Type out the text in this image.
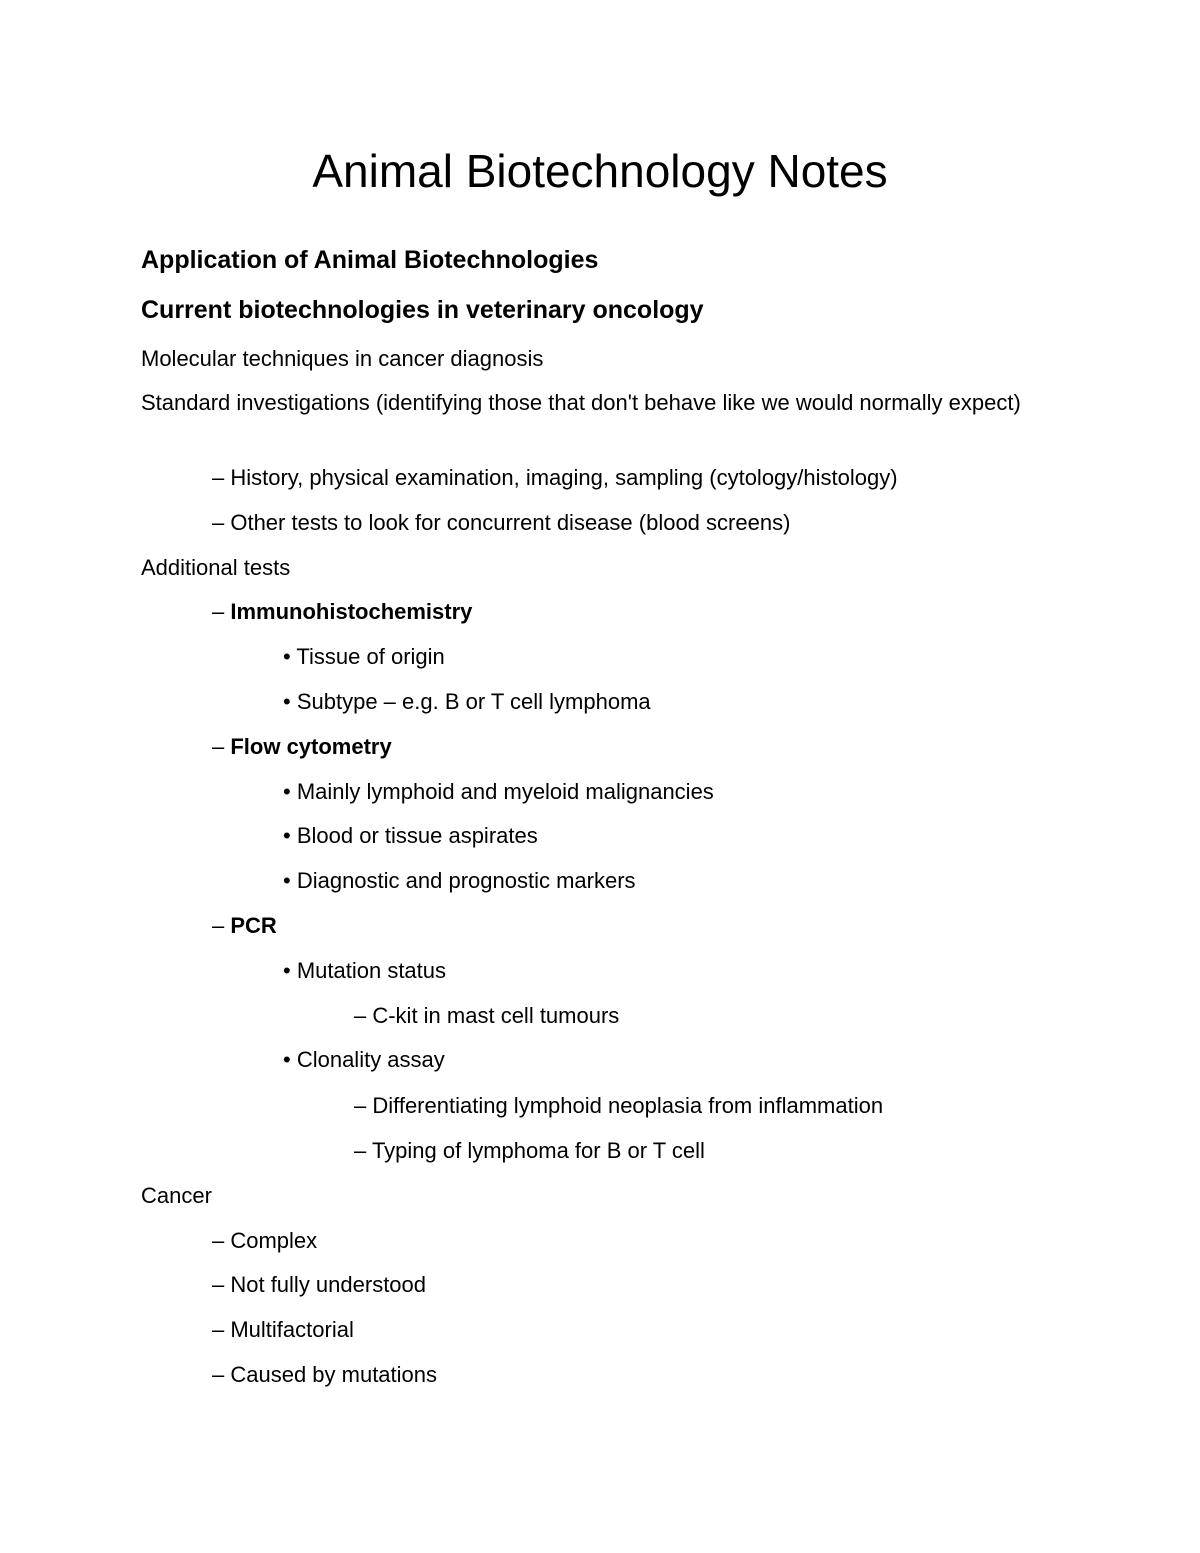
Animal Biotechnology Notes
Application of Animal Biotechnologies
Current biotechnologies in veterinary oncology

Molecular techniques in cancer diagnosis

Standard investigations (identifying those that don't behave like we would normally expect)

– History, physical examination, imaging, sampling (cytology/histology)

– Other tests to look for concurrent disease (blood screens)

Additional tests

– Immunohistochemistry

• Tissue of origin

• Subtype – e.g. B or T cell lymphoma

– Flow cytometry

• Mainly lymphoid and myeloid malignancies

• Blood or tissue aspirates

• Diagnostic and prognostic markers

– PCR

• Mutation status

– C-kit in mast cell tumours

• Clonality assay

– Differentiating lymphoid neoplasia from inflammation

– Typing of lymphoma for B or T cell

Cancer

– Complex

– Not fully understood

– Multifactorial

– Caused by mutations
